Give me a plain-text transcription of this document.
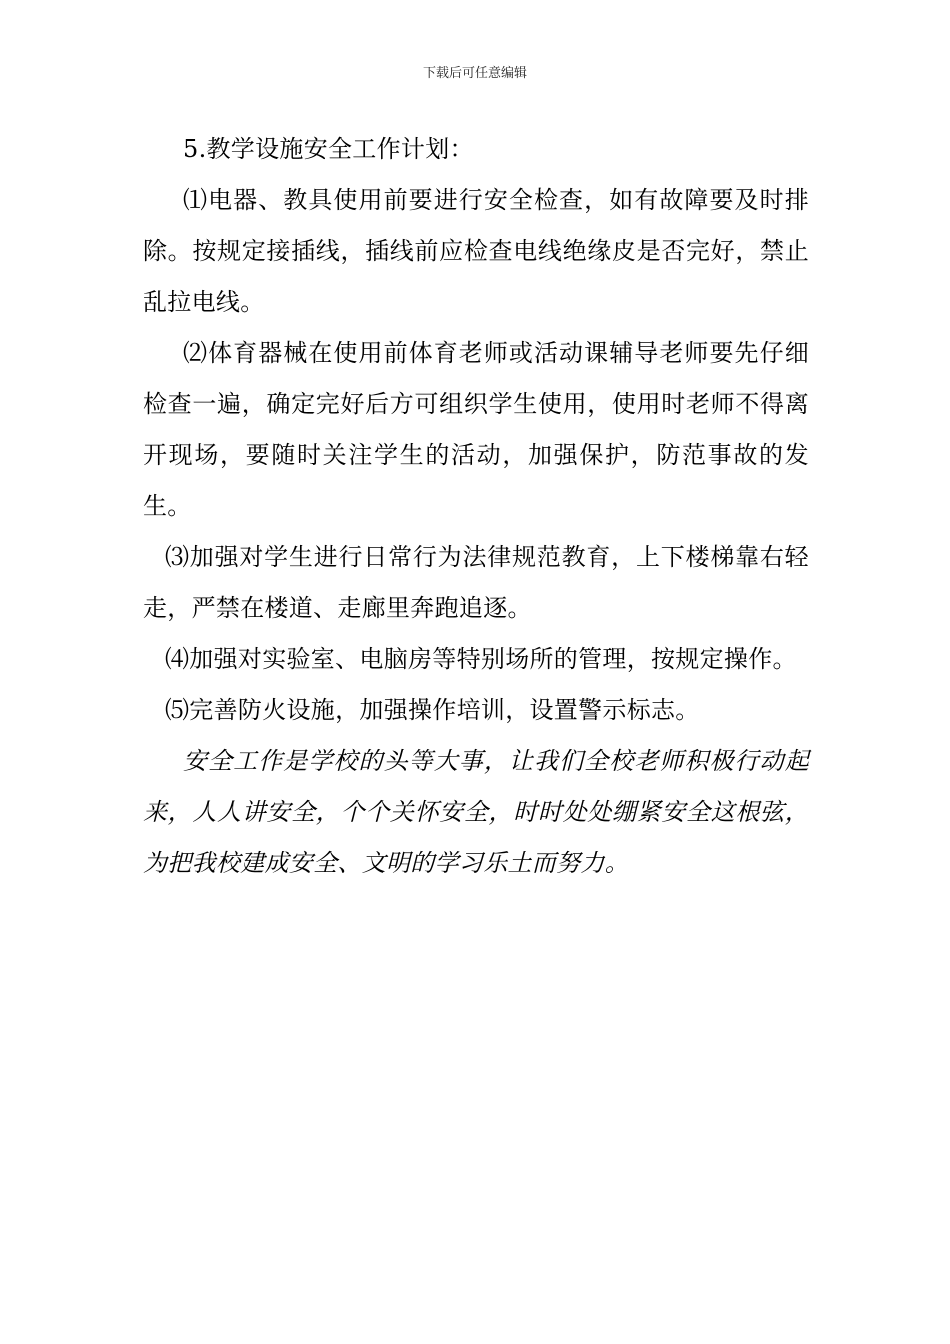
下载后可任意编辑

5.教学设施安全工作计划：

⑴电器、教具使用前要进行安全检查，如有故障要及时排除。按规定接插线，插线前应检查电线绝缘皮是否完好，禁止乱拉电线。

⑵体育器械在使用前体育老师或活动课辅导老师要先仔细检查一遍，确定完好后方可组织学生使用，使用时老师不得离开现场，要随时关注学生的活动，加强保护，防范事故的发生。

⑶加强对学生进行日常行为法律规范教育，上下楼梯靠右轻走，严禁在楼道、走廊里奔跑追逐。

⑷加强对实验室、电脑房等特别场所的管理，按规定操作。

⑸完善防火设施，加强操作培训，设置警示标志。

安全工作是学校的头等大事，让我们全校老师积极行动起来，人人讲安全，个个关怀安全，时时处处绷紧安全这根弦，为把我校建成安全、文明的学习乐土而努力。
